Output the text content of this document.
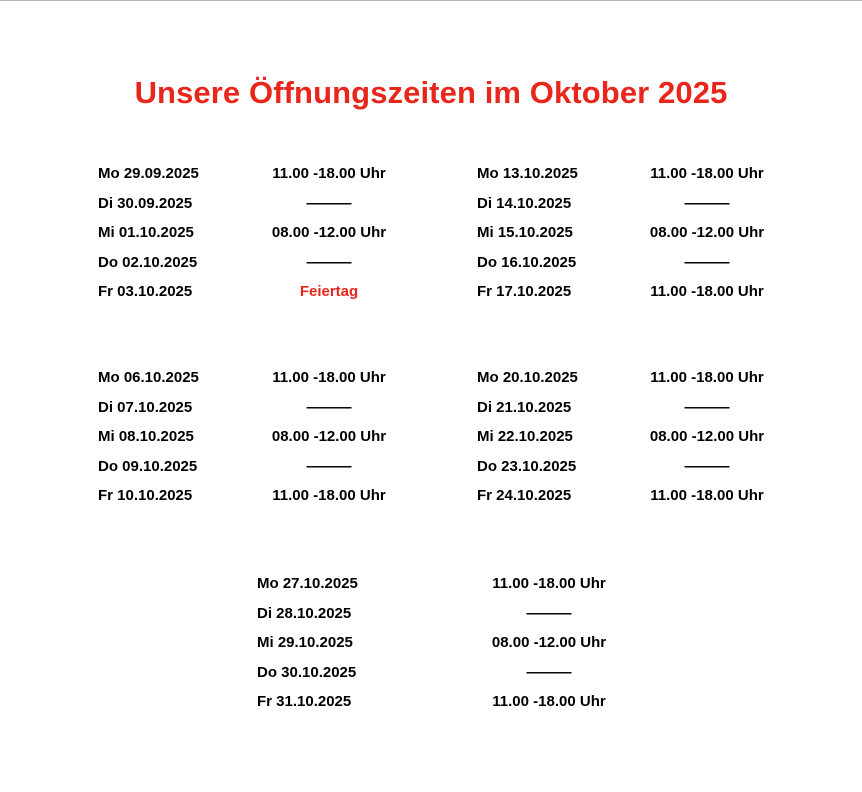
Unsere Öffnungszeiten im Oktober 2025
Mo 29.09.2025	11.00 -18.00 Uhr
Di 30.09.2025	———
Mi 01.10.2025	08.00 -12.00 Uhr
Do 02.10.2025	———
Fr 03.10.2025	Feiertag
Mo 06.10.2025	11.00 -18.00 Uhr
Di 07.10.2025	———
Mi 08.10.2025	08.00 -12.00 Uhr
Do 09.10.2025	———
Fr 10.10.2025	11.00 -18.00 Uhr
Mo 13.10.2025	11.00 -18.00 Uhr
Di 14.10.2025	———
Mi 15.10.2025	08.00 -12.00 Uhr
Do 16.10.2025	———
Fr 17.10.2025	11.00 -18.00 Uhr
Mo 20.10.2025	11.00 -18.00 Uhr
Di 21.10.2025	———
Mi 22.10.2025	08.00 -12.00 Uhr
Do 23.10.2025	———
Fr 24.10.2025	11.00 -18.00 Uhr
Mo 27.10.2025	11.00 -18.00 Uhr
Di 28.10.2025	———
Mi 29.10.2025	08.00 -12.00 Uhr
Do 30.10.2025	———
Fr 31.10.2025	11.00 -18.00 Uhr
